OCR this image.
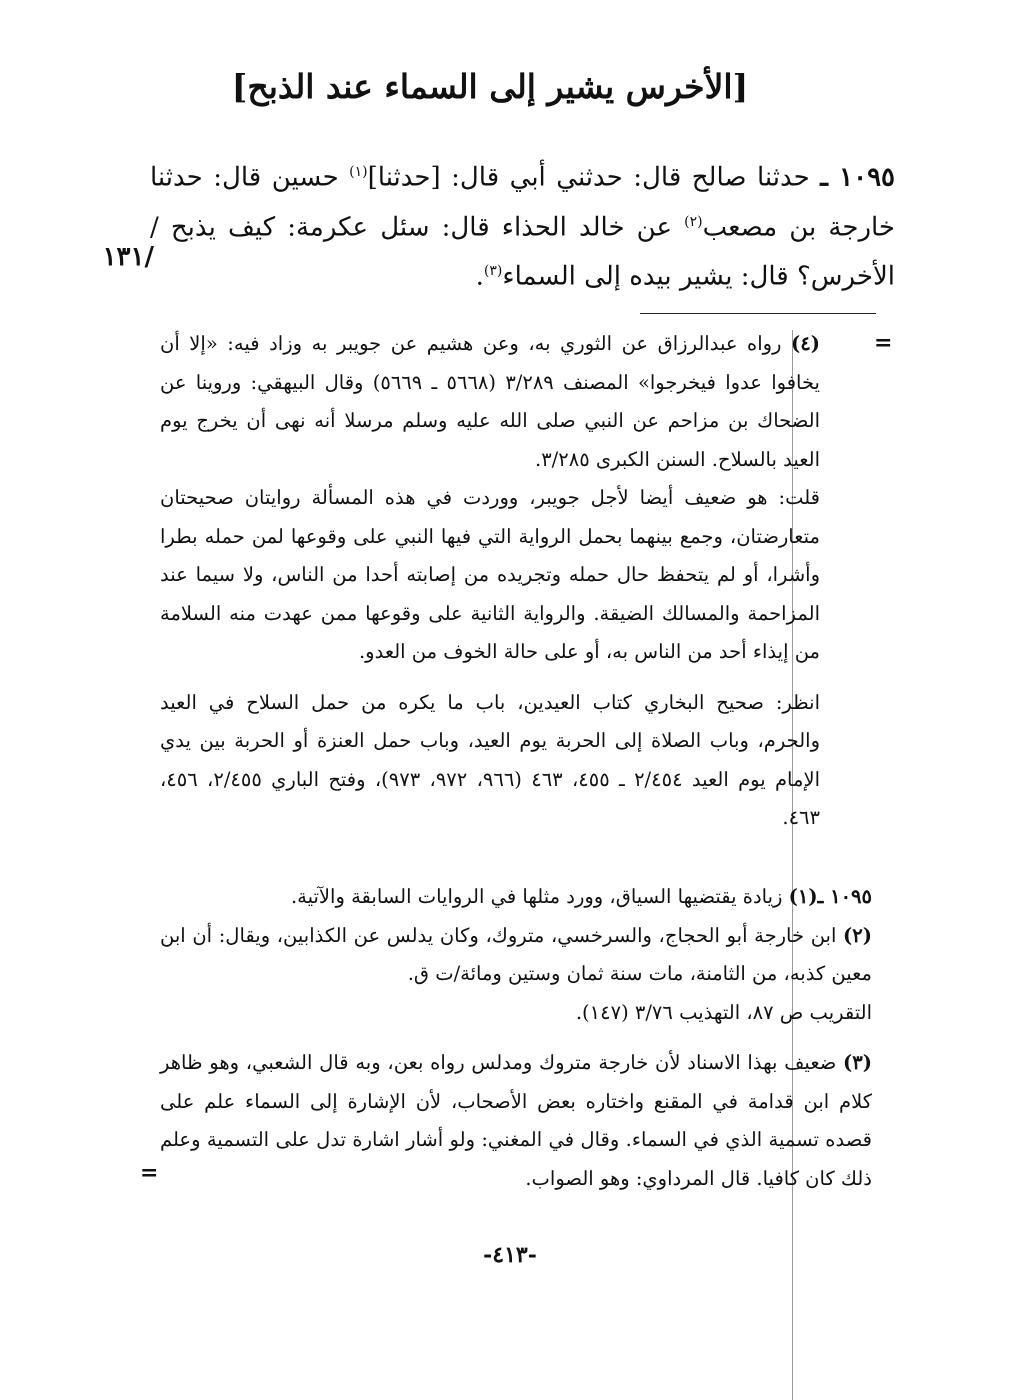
[الأخرس يشير إلى السماء عند الذبح]
١٠٩٥ ـ حدثنا صالح قال: حدثني أبي قال: [حدثنا]$^{(١)}$ حسين قال: حدثنا خارجة بن مصعب$^{(٢)}$ عن خالد الحذاء قال: سئل عكرمة: كيف يذبح / الأخرس؟ قال: يشير بيده إلى السماء$^{(٣)}$.
/١٣١
=

(٤) رواه عبدالرزاق عن الثوري به، وعن هشيم عن جويبر به وزاد فيه: «إلا أن يخافوا عدوا فيخرجوا» المصنف ٣/٢٨٩ (٥٦٦٨ ـ ٥٦٦٩) وقال البيهقي: وروينا عن الضحاك بن مزاحم عن النبي صلى الله عليه وسلم مرسلا أنه نهى أن يخرج يوم العيد بالسلاح. السنن الكبرى ٣/٢٨٥.

قلت: هو ضعيف أيضا لأجل جويبر، ووردت في هذه المسألة روايتان صحيحتان متعارضتان، وجمع بينهما بحمل الرواية التي فيها النبي على وقوعها لمن حمله بطرا وأشرا، أو لم يتحفظ حال حمله وتجريده من إصابته أحدا من الناس، ولا سيما عند المزاحمة والمسالك الضيقة. والرواية الثانية على وقوعها ممن عهدت منه السلامة من إيذاء أحد من الناس به، أو على حالة الخوف من العدو.

انظر: صحيح البخاري كتاب العيدين، باب ما يكره من حمل السلاح في العيد والحرم، وباب الصلاة إلى الحربة يوم العيد، وباب حمل العنزة أو الحربة بين يدي الإمام يوم العيد ٢/٤٥٤ ـ ٤٥٥، ٤٦٣ (٩٦٦، ٩٧٢، ٩٧٣)، وفتح الباري ٢/٤٥٥، ٤٥٦، ٤٦٣.

١٠٩٥ ـ(١) زيادة يقتضيها السياق، وورد مثلها في الروايات السابقة والآتية.

(٢) ابن خارجة أبو الحجاج، والسرخسي، متروك، وكان يدلس عن الكذابين، ويقال: أن ابن معين كذبه، من الثامنة، مات سنة ثمان وستين ومائة/ت ق.

التقريب ص ٨٧، التهذيب ٣/٧٦ (١٤٧).

(٣) ضعيف بهذا الاسناد لأن خارجة متروك ومدلس رواه بعن، وبه قال الشعبي، وهو ظاهر كلام ابن قدامة في المقنع واختاره بعض الأصحاب، لأن الإشارة إلى السماء علم على قصده تسمية الذي في السماء. وقال في المغني: ولو أشار اشارة تدل على التسمية وعلم ذلك كان كافيا. قال المرداوي: وهو الصواب.

=
-٤١٣-
